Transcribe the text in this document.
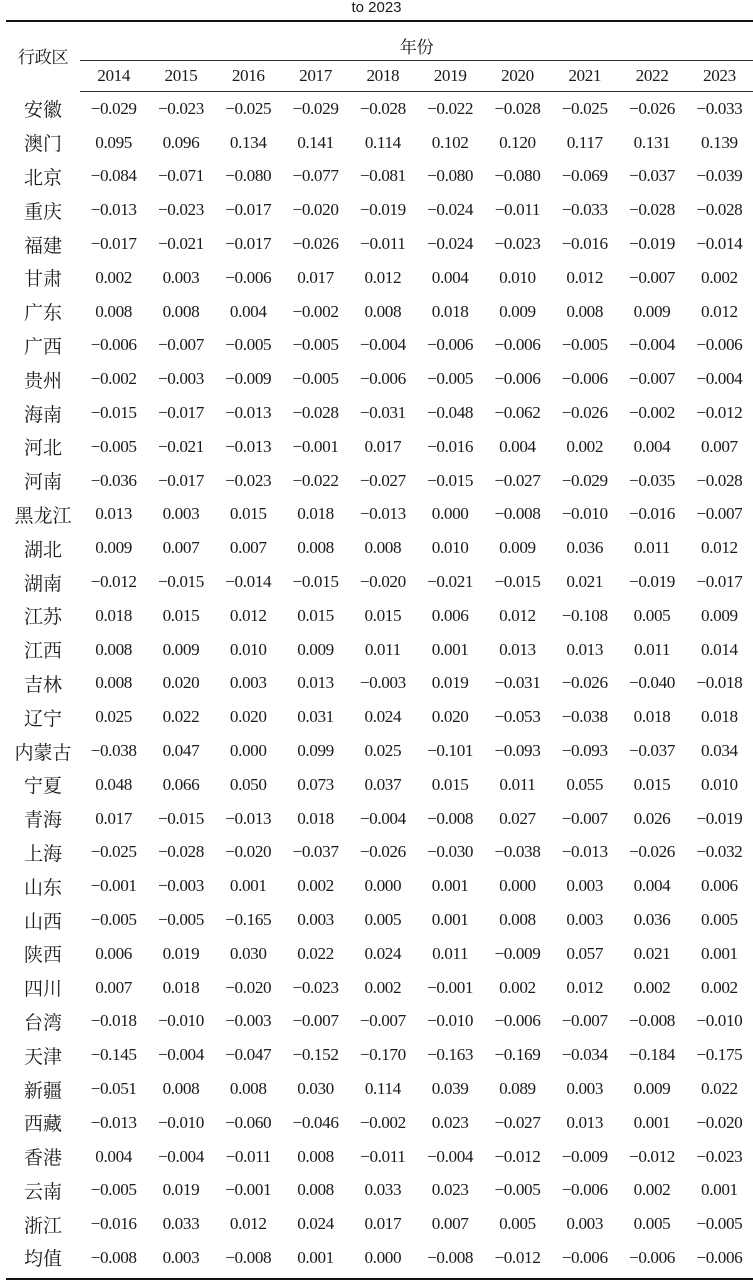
to 2023
行政区	年份									
	2014	2015	2016	2017	2018	2019	2020	2021	2022	2023
安徽	−0.029	−0.023	−0.025	−0.029	−0.028	−0.022	−0.028	−0.025	−0.026	−0.033
澳门	0.095	0.096	0.134	0.141	0.114	0.102	0.120	0.117	0.131	0.139
北京	−0.084	−0.071	−0.080	−0.077	−0.081	−0.080	−0.080	−0.069	−0.037	−0.039
重庆	−0.013	−0.023	−0.017	−0.020	−0.019	−0.024	−0.011	−0.033	−0.028	−0.028
福建	−0.017	−0.021	−0.017	−0.026	−0.011	−0.024	−0.023	−0.016	−0.019	−0.014
甘肃	0.002	0.003	−0.006	0.017	0.012	0.004	0.010	0.012	−0.007	0.002
广东	0.008	0.008	0.004	−0.002	0.008	0.018	0.009	0.008	0.009	0.012
广西	−0.006	−0.007	−0.005	−0.005	−0.004	−0.006	−0.006	−0.005	−0.004	−0.006
贵州	−0.002	−0.003	−0.009	−0.005	−0.006	−0.005	−0.006	−0.006	−0.007	−0.004
海南	−0.015	−0.017	−0.013	−0.028	−0.031	−0.048	−0.062	−0.026	−0.002	−0.012
河北	−0.005	−0.021	−0.013	−0.001	0.017	−0.016	0.004	0.002	0.004	0.007
河南	−0.036	−0.017	−0.023	−0.022	−0.027	−0.015	−0.027	−0.029	−0.035	−0.028
黑龙江	0.013	0.003	0.015	0.018	−0.013	0.000	−0.008	−0.010	−0.016	−0.007
湖北	0.009	0.007	0.007	0.008	0.008	0.010	0.009	0.036	0.011	0.012
湖南	−0.012	−0.015	−0.014	−0.015	−0.020	−0.021	−0.015	0.021	−0.019	−0.017
江苏	0.018	0.015	0.012	0.015	0.015	0.006	0.012	−0.108	0.005	0.009
江西	0.008	0.009	0.010	0.009	0.011	0.001	0.013	0.013	0.011	0.014
吉林	0.008	0.020	0.003	0.013	−0.003	0.019	−0.031	−0.026	−0.040	−0.018
辽宁	0.025	0.022	0.020	0.031	0.024	0.020	−0.053	−0.038	0.018	0.018
内蒙古	−0.038	0.047	0.000	0.099	0.025	−0.101	−0.093	−0.093	−0.037	0.034
宁夏	0.048	0.066	0.050	0.073	0.037	0.015	0.011	0.055	0.015	0.010
青海	0.017	−0.015	−0.013	0.018	−0.004	−0.008	0.027	−0.007	0.026	−0.019
上海	−0.025	−0.028	−0.020	−0.037	−0.026	−0.030	−0.038	−0.013	−0.026	−0.032
山东	−0.001	−0.003	0.001	0.002	0.000	0.001	0.000	0.003	0.004	0.006
山西	−0.005	−0.005	−0.165	0.003	0.005	0.001	0.008	0.003	0.036	0.005
陕西	0.006	0.019	0.030	0.022	0.024	0.011	−0.009	0.057	0.021	0.001
四川	0.007	0.018	−0.020	−0.023	0.002	−0.001	0.002	0.012	0.002	0.002
台湾	−0.018	−0.010	−0.003	−0.007	−0.007	−0.010	−0.006	−0.007	−0.008	−0.010
天津	−0.145	−0.004	−0.047	−0.152	−0.170	−0.163	−0.169	−0.034	−0.184	−0.175
新疆	−0.051	0.008	0.008	0.030	0.114	0.039	0.089	0.003	0.009	0.022
西藏	−0.013	−0.010	−0.060	−0.046	−0.002	0.023	−0.027	0.013	0.001	−0.020
香港	0.004	−0.004	−0.011	0.008	−0.011	−0.004	−0.012	−0.009	−0.012	−0.023
云南	−0.005	0.019	−0.001	0.008	0.033	0.023	−0.005	−0.006	0.002	0.001
浙江	−0.016	0.033	0.012	0.024	0.017	0.007	0.005	0.003	0.005	−0.005
均值	−0.008	0.003	−0.008	0.001	0.000	−0.008	−0.012	−0.006	−0.006	−0.006
